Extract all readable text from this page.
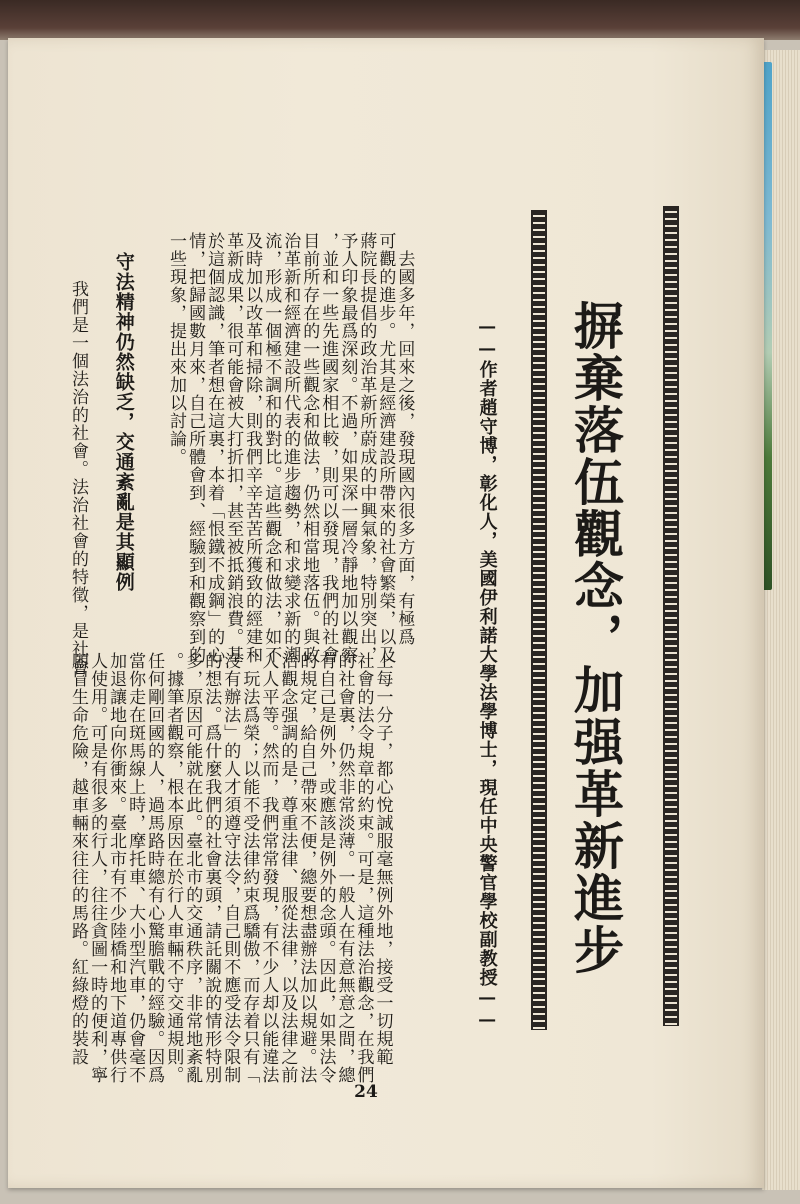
摒棄落伍觀念，加强革新進步
——作者趙守博，彰化人，美國伊利諾大學法學博士，現任中央警官學校副教授——
　去國多年，回來之後，發現國內很多方面，有極爲
可觀的進步。尤其是經濟建設所帶來的社會繁榮，以及
蔣院長提倡的政治革新所蔚成的中興氣象，特別突出，
予人印象最爲深刻。不過，如果深一層冷靜地加以觀察
，並和一些先進國家相比較，則可以發現，我們的社會
目前所存在的一些觀念和做法，仍然相當地落伍。與政
治革新和經濟建設所代表的進步趨勢，和求變求新的潮
流，形成一個極不調和的對比。這些觀念和做法，如不
及時加以改革和掃除，則我們辛辛苦苦所獲致的經建和
革新成果，很可能會被大打折扣，甚至被抵銷浪費。基
於這個認識，筆者想在這裏，本着「恨鐵不成鋼」的心
情，把歸國數月來，自己所體會到、經驗到和觀察到的
一些現象，提出來加以討論。
守法精神仍然缺乏，交通紊亂是其顯例
　我們是一個法治的社會。法治社會的特徵，是社會
上每一分子，都心悅誠服毫無例外地，接受一切規範
社會的法令規章的約束。可是，這種法治觀念，在我們
的社會裏，仍然非常淡薄。一般人在有意無意之間，總
有自己是例外，或應該是例外的念頭。因此，如果法令
的規定，給自己帶來不便，總要想盡辦法加以規避。法
治觀念强調的是，尊重法律、服從法律，以及法律之前
人人平等。然而，我們常常發現，有不少人却以能違法
、玩法爲榮；以能不受法律約束爲驕傲，而存着只有「
沒有辦法」的人才須遵守法令，自己則不應受法令限制
的想法。爲什麼我們的社會裏頭，請託關說的情形特別
多，原因可能就在此。臺北市的交通秩序，非常地紊亂
。據筆者觀察，根本原因在於行人車輛不守交通規則。
任何剛回國的人，過馬路時總有心驚膽戰的經驗。因爲
當你走在斑馬線上時，摩托車、大小型汽車，仍會毫不
加退讓地向你衝來。臺北市有不少陸橋和地下道專供行
人使用。可是有很多的行人，往往貪圖一時的便利，寧
願冒生命危險，越車輛來往往的馬路。紅綠燈的裝設
24
